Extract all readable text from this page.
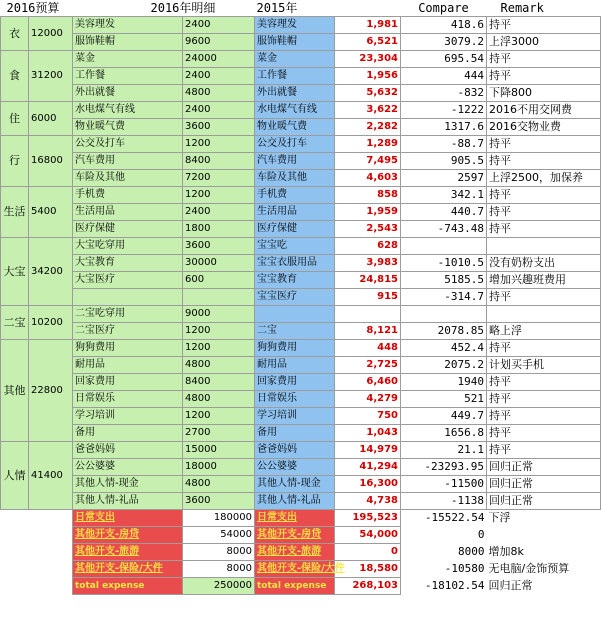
2016预算		2016年明细		2015年		Compare	Remark
衣	12000	美容理发	2400	美容理发	1,981	418.6	持平
		服饰鞋帽	9600	服饰鞋帽	6,521	3079.2	上浮3000
食	31200	菜金	24000	菜金	23,304	695.54	持平
		工作餐	2400	工作餐	1,956	444	持平
		外出就餐	4800	外出就餐	5,632	-832	下降800
住	6000	水电煤气有线	2400	水电煤气有线	3,622	-1222	2016不用交网费
		物业暖气费	3600	物业暖气费	2,282	1317.6	2016交物业费
行	16800	公交及打车	1200	公交及打车	1,289	-88.7	持平
		汽车费用	8400	汽车费用	7,495	905.5	持平
		车险及其他	7200	车险及其他	4,603	2597	上浮2500，加保养
生活	5400	手机费	1200	手机费	858	342.1	持平
		生活用品	2400	生活用品	1,959	440.7	持平
		医疗保健	1800	医疗保健	2,543	-743.48	持平
大宝	34200	大宝吃穿用	3600	宝宝吃	628		
		大宝教育	30000	宝宝衣服用品	3,983	-1010.5	没有奶粉支出
		大宝医疗	600	宝宝教育	24,815	5185.5	增加兴趣班费用
				宝宝医疗	915	-314.7	持平
二宝	10200	二宝吃穿用	9000				
		二宝医疗	1200	二宝	8,121	2078.85	略上浮
其他	22800	狗狗费用	1200	狗狗费用	448	452.4	持平
		耐用品	4800	耐用品	2,725	2075.2	计划买手机
		回家费用	8400	回家费用	6,460	1940	持平
		日常娱乐	4800	日常娱乐	4,279	521	持平
		学习培训	1200	学习培训	750	449.7	持平
		备用	2700	备用	1,043	1656.8	持平
人情	41400	爸爸妈妈	15000	爸爸妈妈	14,979	21.1	持平
		公公婆婆	18000	公公婆婆	41,294	-23293.95	回归正常
		其他人情-现金	4800	其他人情-现金	16,300	-11500	回归正常
		其他人情-礼品	3600	其他人情-礼品	4,738	-1138	回归正常
		日常支出	180000	日常支出	195,523	-15522.54	下浮
		其他开支-房贷	54000	其他开支-房贷	54,000	0	
		其他开支-旅游	8000	其他开支-旅游	0	8000	增加8k
		其他开支-保险/大件	8000	其他开支-保险/大件	18,580	-10580	无电脑/金饰预算
		total expense	250000	total expense	268,103	-18102.54	回归正常
